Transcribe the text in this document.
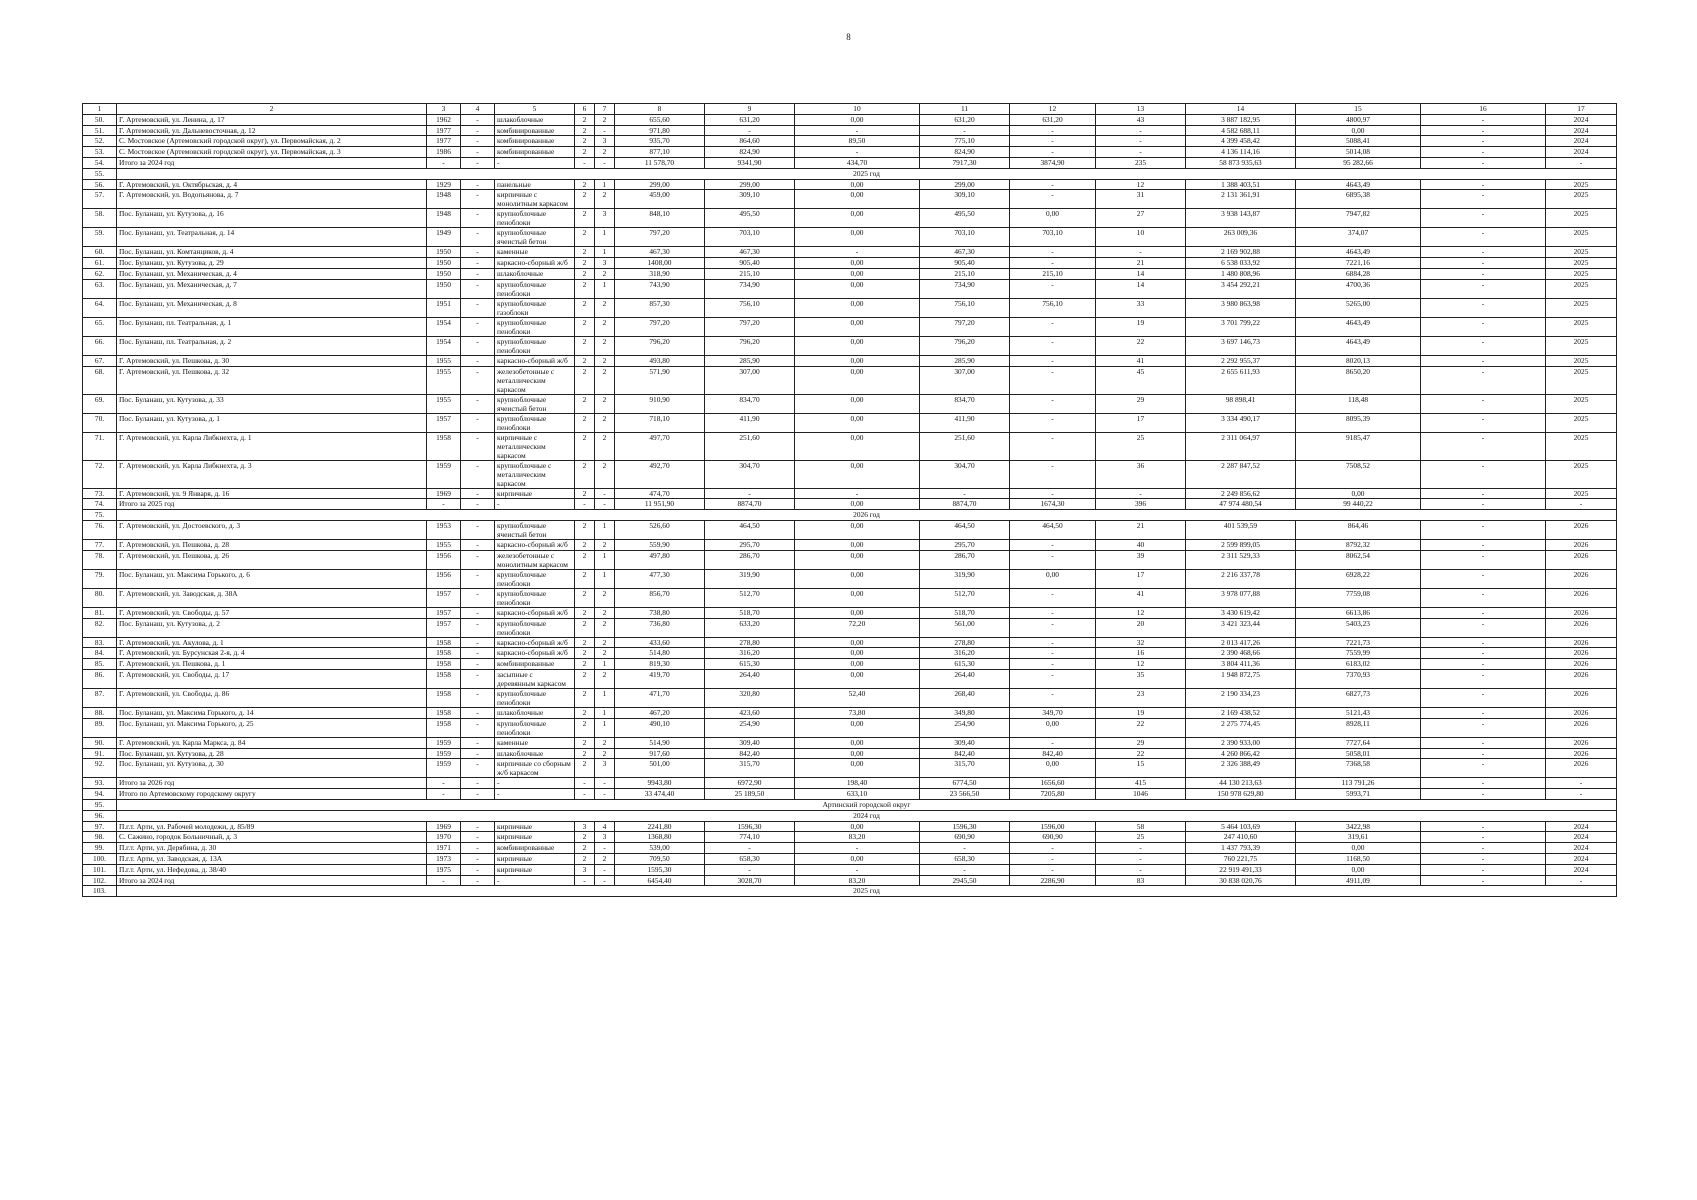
8
1	2	3	4	5	6	7	8	9	10	11	12	13	14	15	16	17
50.	Г. Артемовский, ул. Ленина, д. 17	1962	-	шлакоблочные	2	2	655,60	631,20	0,00	631,20	631,20	43	3 887 182,95	4800,97	-	2024
51.	Г. Артемовский, ул. Дальневосточная, д. 12	1977	-	комбинированные	2	-	971,80	-	-	-	-	-	4 582 688,11	0,00	-	2024
52.	С. Мостовское (Артемовский городской округ), ул. Первомайская, д. 2	1977	-	комбинированные	2	3	935,70	864,60	89,50	775,10	-	-	4 399 458,42	5088,41	-	2024
53.	С. Мостовское (Артемовский городской округ), ул. Первомайская, д. 3	1986	-	комбинированные	2	2	877,10	824,90	-	824,90	-	-	4 136 114,16	5014,08	-	2024
54.	Итого за 2024 год	-	-	-	-	-	11 578,70	9341,90	434,70	7917,30	3874,90	235	58 873 935,63	95 282,66	-	-
55.	2025 год															
56.	Г. Артемовский, ул. Октябрьская, д. 4	1929	-	панельные	2	1	299,00	299,00	0,00	299,00	-	12	1 388 403,51	4643,49	-	2025
57.	Г. Артемовский, ул. Водопьянова, д. 7	1948	-	кирпичные с монолитным каркасом	2	2	459,00	309,10	0,00	309,10	-	31	2 131 361,91	6895,38	-	2025
58.	Пос. Буланаш, ул. Кутузова, д. 16	1948	-	крупноблочные пеноблоки	2	3	848,10	495,50	0,00	495,50	0,00	27	3 938 143,87	7947,82	-	2025
59.	Пос. Буланаш, ул. Театральная, д. 14	1949	-	крупноблочные ячеистый бетон	2	1	797,20	703,10	0,00	703,10	703,10	10	263 009,36	374,07	-	2025
60.	Пос. Буланаш, ул. Комтанциков, д. 4	1950	-	каменные	2	1	467,30	467,30	-	467,30	-	-	2 169 902,88	4643,49	-	2025
61.	Пос. Буланаш, ул. Кутузова, д. 29	1950	-	каркасно-сборный ж/б	2	3	1408,00	905,40	0,00	905,40	-	21	6 538 033,92	7221,16	-	2025
62.	Пос. Буланаш, ул. Механическая, д. 4	1950	-	шлакоблочные	2	2	318,90	215,10	0,00	215,10	215,10	14	1 480 808,96	6884,28	-	2025
63.	Пос. Буланаш, ул. Механическая, д. 7	1950	-	крупноблочные пеноблоки	2	1	743,90	734,90	0,00	734,90	-	14	3 454 292,21	4700,36	-	2025
64.	Пос. Буланаш, ул. Механическая, д. 8	1951	-	крупноблочные газоблоки	2	2	857,30	756,10	0,00	756,10	756,10	33	3 980 863,98	5265,00	-	2025
65.	Пос. Буланаш, пл. Театральная, д. 1	1954	-	крупноблочные пеноблоки	2	2	797,20	797,20	0,00	797,20	-	19	3 701 799,22	4643,49	-	2025
66.	Пос. Буланаш, пл. Театральная, д. 2	1954	-	крупноблочные пеноблоки	2	2	796,20	796,20	0,00	796,20	-	22	3 697 146,73	4643,49	-	2025
67.	Г. Артемовский, ул. Пешкова, д. 30	1955	-	каркасно-сборный ж/б	2	2	493,80	285,90	0,00	285,90	-	41	2 292 955,37	8020,13	-	2025
68.	Г. Артемовский, ул. Пешкова, д. 32	1955	-	железобетонные с металлическим каркасом	2	2	571,90	307,00	0,00	307,00	-	45	2 655 611,93	8650,20	-	2025
69.	Пос. Буланаш, ул. Кутузова, д. 33	1955	-	крупноблочные ячеистый бетон	2	2	910,90	834,70	0,00	834,70	-	29	98 898,41	118,48	-	2025
70.	Пос. Буланаш, ул. Кутузова, д. 1	1957	-	крупноблочные пеноблоки	2	2	718,10	411,90	0,00	411,90	-	17	3 334 490,17	8095,39	-	2025
71.	Г. Артемовский, ул. Карла Либкнехта, д. 1	1958	-	кирпичные с металлическим каркасом	2	2	497,70	251,60	0,00	251,60	-	25	2 311 064,97	9185,47	-	2025
72.	Г. Артемовский, ул. Карла Либкнехта, д. 3	1959	-	крупноблочные с металлическим каркасом	2	2	492,70	304,70	0,00	304,70	-	36	2 287 847,52	7508,52	-	2025
73.	Г. Артемовский, ул. 9 Января, д. 16	1969	-	кирпичные	2	-	474,70	-	-	-	-	-	2 249 856,62	0,00	-	2025
74.	Итого за 2025 год	-	-	-	-	-	11 951,90	8874,70	0,00	8874,70	1674,30	396	47 974 480,54	99 440,22	-	-
75.	2026 год															
76.	Г. Артемовский, ул. Достоевского, д. 3	1953	-	крупноблочные ячеистый бетон	2	1	526,60	464,50	0,00	464,50	464,50	21	401 539,59	864,46	-	2026
77.	Г. Артемовский, ул. Пешкова, д. 28	1955	-	каркасно-сборный ж/б	2	2	559,90	295,70	0,00	295,70	-	40	2 599 899,05	8792,32	-	2026
78.	Г. Артемовский, ул. Пешкова, д. 26	1956	-	железобетонные с монолитным каркасом	2	1	497,80	286,70	0,00	286,70	-	39	2 311 529,33	8062,54	-	2026
79.	Пос. Буланаш, ул. Максима Горького, д. 6	1956	-	крупноблочные пеноблоки	2	1	477,30	319,90	0,00	319,90	0,00	17	2 216 337,78	6928,22	-	2026
80.	Г. Артемовский, ул. Заводская, д. 38А	1957	-	крупноблочные пеноблоки	2	2	856,70	512,70	0,00	512,70	-	41	3 978 077,88	7759,08	-	2026
81.	Г. Артемовский, ул. Свободы, д. 57	1957	-	каркасно-сборный ж/б	2	2	738,80	518,70	0,00	518,70	-	12	3 430 619,42	6613,86	-	2026
82.	Пос. Буланаш, ул. Кутузова, д. 2	1957	-	крупноблочные пеноблоки	2	2	736,80	633,20	72,20	561,00	-	20	3 421 323,44	5403,23	-	2026
83.	Г. Артемовский, ул. Акулова, д. 1	1958	-	каркасно-сборный ж/б	2	2	433,60	278,80	0,00	278,80	-	32	2 013 417,26	7221,73	-	2026
84.	Г. Артемовский, ул. Бурсунская 2-я, д. 4	1958	-	каркасно-сборный ж/б	2	2	514,80	316,20	0,00	316,20	-	16	2 390 468,66	7559,99	-	2026
85.	Г. Артемовский, ул. Пешкова, д. 1	1958	-	комбинированные	2	1	819,30	615,30	0,00	615,30	-	12	3 804 411,36	6183,02	-	2026
86.	Г. Артемовский, ул. Свободы, д. 17	1958	-	засыпные с деревянным каркасом	2	2	419,70	264,40	0,00	264,40	-	35	1 948 872,75	7370,93	-	2026
87.	Г. Артемовский, ул. Свободы, д. 86	1958	-	крупноблочные пеноблоки	2	1	471,70	320,80	52,40	268,40	-	23	2 190 334,23	6827,73	-	2026
88.	Пос. Буланаш, ул. Максима Горького, д. 14	1958	-	шлакоблочные	2	1	467,20	423,60	73,80	349,80	349,70	19	2 169 438,52	5121,43	-	2026
89.	Пос. Буланаш, ул. Максима Горького, д. 25	1958	-	крупноблочные пеноблоки	2	1	490,10	254,90	0,00	254,90	0,00	22	2 275 774,45	8928,11	-	2026
90.	Г. Артемовский, ул. Карла Маркса, д. 84	1959	-	каменные	2	2	514,90	309,40	0,00	309,40	-	29	2 390 933,00	7727,64	-	2026
91.	Пос. Буланаш, ул. Кутузова, д. 28	1959	-	шлакоблочные	2	2	917,60	842,40	0,00	842,40	842,40	22	4 260 866,42	5058,01	-	2026
92.	Пос. Буланаш, ул. Кутузова, д. 30	1959	-	кирпичные со сборным ж/б каркасом	2	3	501,00	315,70	0,00	315,70	0,00	15	2 326 388,49	7368,58	-	2026
93.	Итого за 2026 год	-	-	-	-	-	9943,80	6972,90	198,40	6774,50	1656,60	415	44 130 213,63	113 791,26	-	-
94.	Итого по Артемовскому городскому округу	-	-	-	-	-	33 474,40	25 189,50	633,10	23 566,50	7205,80	1046	150 978 629,80	5993,71	-	-
95.	Артинский городской округ															
96.	2024 год															
97.	П.г.т. Арти, ул. Рабочей молодежи, д. 85/89	1969	-	кирпичные	3	4	2241,80	1596,30	0,00	1596,30	1596,00	58	5 464 103,69	3422,98	-	2024
98.	С. Сажино, городок Больничный, д. 3	1970	-	кирпичные	2	3	1368,80	774,10	83,20	690,90	690,90	25	247 410,60	319,61	-	2024
99.	П.г.т. Арти, ул. Дерябина, д. 30	1971	-	комбинированные	2	-	539,00	-	-	-	-	-	1 437 793,39	0,00	-	2024
100.	П.г.т. Арти, ул. Заводская, д. 13А	1973	-	кирпичные	2	2	709,50	658,30	0,00	658,30	-	-	760 221,75	1168,50	-	2024
101.	П.г.т. Арти, ул. Нефедова, д. 38/40	1975	-	кирпичные	3	-	1595,30	-	-	-	-	-	22 919 491,33	0,00	-	2024
102.	Итого за 2024 год	-	-	-	-	-	6454,40	3028,70	83,20	2945,50	2286,90	83	30 838 020,76	4911,09	-	-
103.	2025 год															
